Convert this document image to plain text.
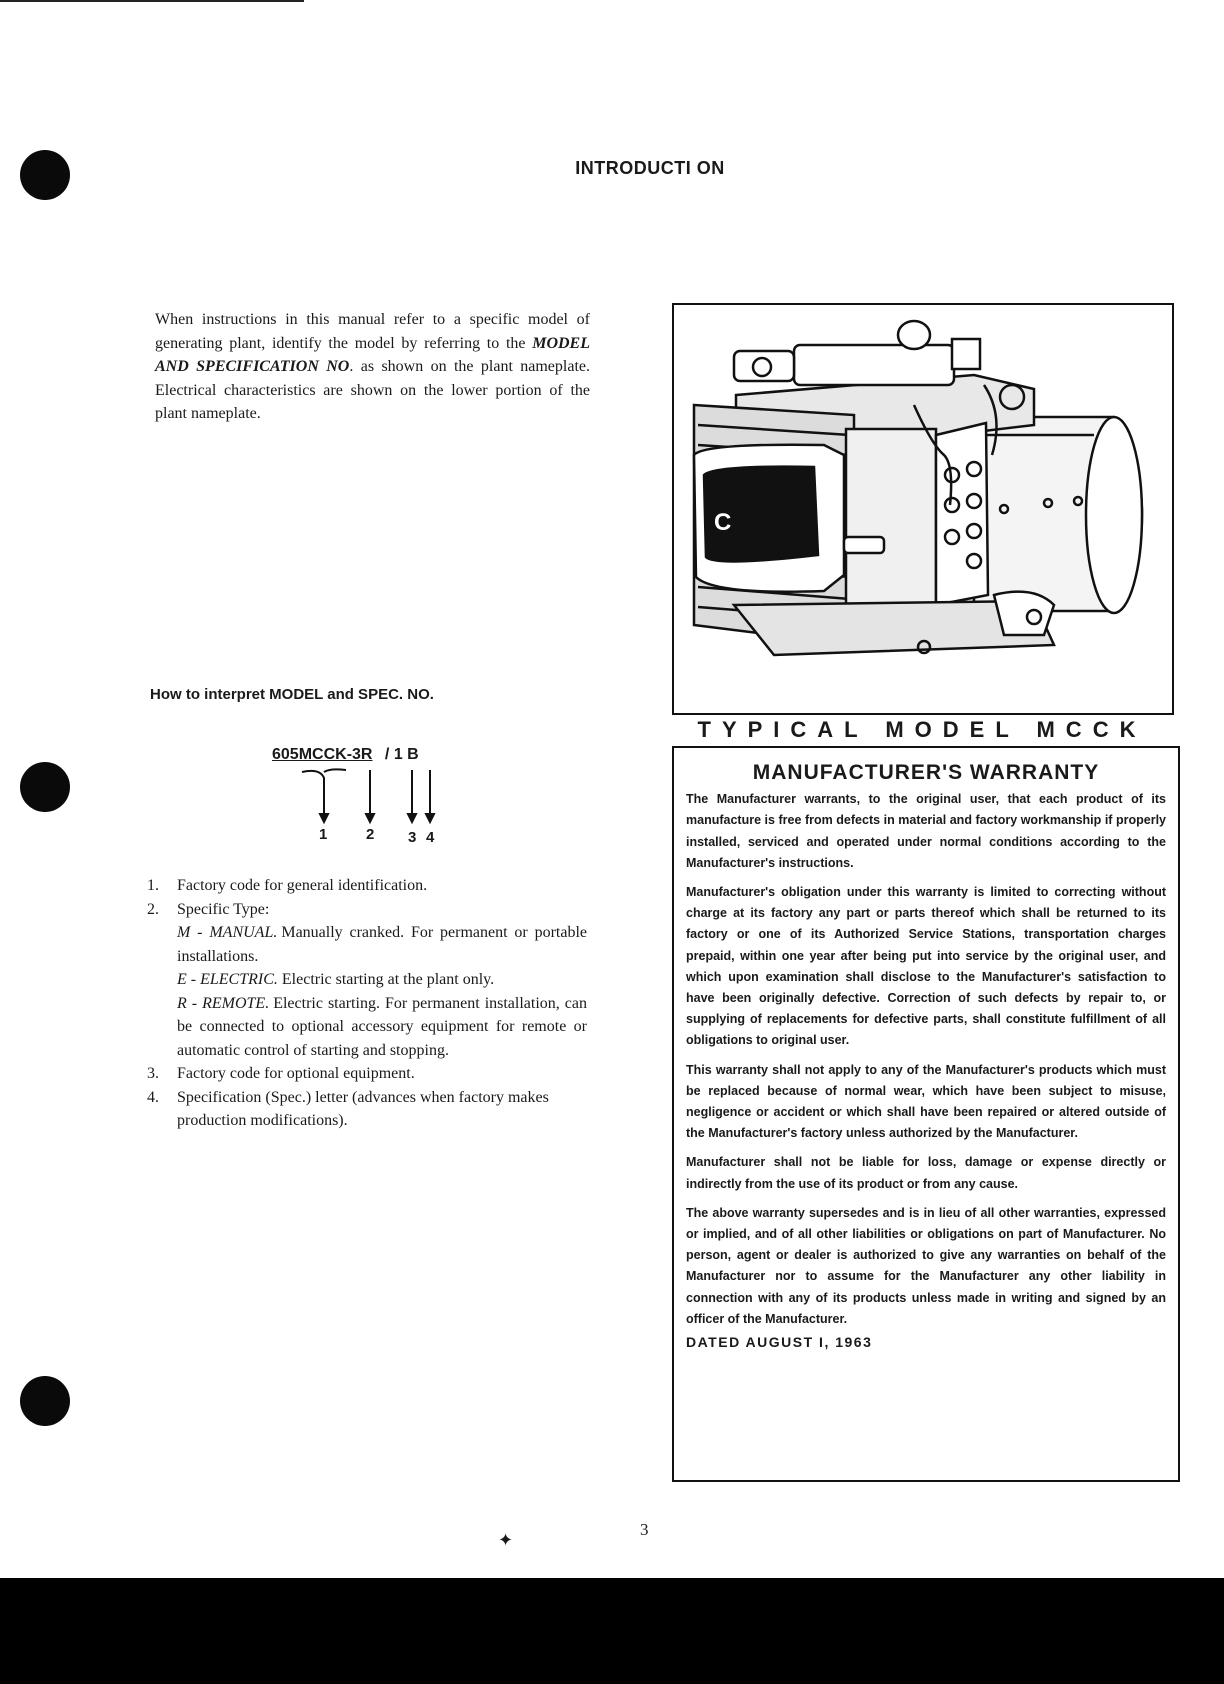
INTRODUCTI ON
When instructions in this manual refer to a specific model of generating plant, identify the model by referring to the MODEL AND SPECIFICATION NO. as shown on the plant nameplate. Electrical characteristics are shown on the lower portion of the plant nameplate.
How to interpret MODEL and SPEC. NO.
605MCCK-3R / 1 B
1	2 3 4
1. Factory code for general identification.
2. Specific Type:
M - MANUAL. Manually cranked. For permanent or portable installations.
E - ELECTRIC. Electric starting at the plant only.
R - REMOTE. Electric starting. For permanent installation, can be connected to optional accessory equipment for remote or automatic control of starting and stopping.
3. Factory code for optional equipment.
4. Specification (Spec.) letter (advances when factory makes production modifications).
C
TYPICAL MODEL MCCK
MANUFACTURER'S WARRANTY

The Manufacturer warrants, to the original user, that each product of its manufacture is free from defects in material and factory workmanship if properly installed, serviced and operated under normal conditions according to the Manufacturer's instructions.

Manufacturer's obligation under this warranty is limited to correcting without charge at its factory any part or parts thereof which shall be returned to its factory or one of its Authorized Service Stations, transportation charges prepaid, within one year after being put into service by the original user, and which upon examination shall disclose to the Manufacturer's satisfaction to have been originally defective. Correction of such defects by repair to, or supplying of replacements for defective parts, shall constitute fulfillment of all obligations to original user.

This warranty shall not apply to any of the Manufacturer's products which must be replaced because of normal wear, which have been subject to misuse, negligence or accident or which shall have been repaired or altered outside of the Manufacturer's factory unless authorized by the Manufacturer.

Manufacturer shall not be liable for loss, damage or expense directly or indirectly from the use of its product or from any cause.

The above warranty supersedes and is in lieu of all other warranties, expressed or implied, and of all other liabilities or obligations on part of Manufacturer. No person, agent or dealer is authorized to give any warranties on behalf of the Manufacturer nor to assume for the Manufacturer any other liability in connection with any of its products unless made in writing and signed by an officer of the Manufacturer.

DATED AUGUST I, 1963
3
✦
